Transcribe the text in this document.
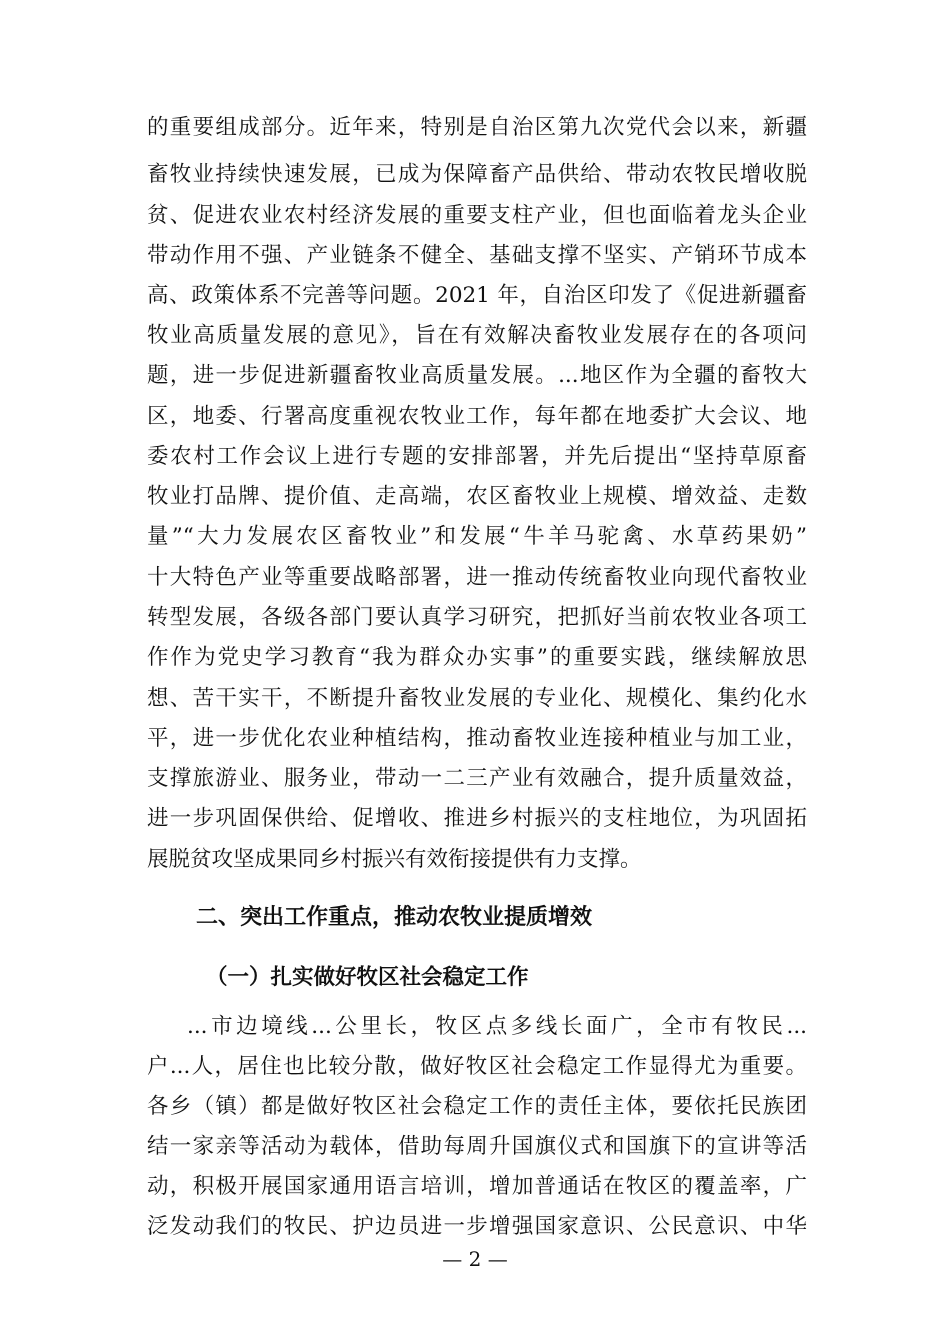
的重要组成部分。近年来，特别是自治区第九次党代会以来，新疆
畜牧业持续快速发展，已成为保障畜产品供给、带动农牧民增收脱
贫、促进农业农村经济发展的重要支柱产业，但也面临着龙头企业
带动作用不强、产业链条不健全、基础支撑不坚实、产销环节成本
高、政策体系不完善等问题。2021 年，自治区印发了《促进新疆畜
牧业高质量发展的意见》，旨在有效解决畜牧业发展存在的各项问
题，进一步促进新疆畜牧业高质量发展。...地区作为全疆的畜牧大
区，地委、行署高度重视农牧业工作，每年都在地委扩大会议、地
委农村工作会议上进行专题的安排部署，并先后提出“坚持草原畜
牧业打品牌、提价值、走高端，农区畜牧业上规模、增效益、走数
量”“大力发展农区畜牧业”和发展“牛羊马驼禽、水草药果奶”
十大特色产业等重要战略部署，进一推动传统畜牧业向现代畜牧业
转型发展，各级各部门要认真学习研究，把抓好当前农牧业各项工
作作为党史学习教育“我为群众办实事”的重要实践，继续解放思
想、苦干实干，不断提升畜牧业发展的专业化、规模化、集约化水
平，进一步优化农业种植结构，推动畜牧业连接种植业与加工业，
支撑旅游业、服务业，带动一二三产业有效融合，提升质量效益，
进一步巩固保供给、促增收、推进乡村振兴的支柱地位，为巩固拓
展脱贫攻坚成果同乡村振兴有效衔接提供有力支撑。
二、突出工作重点，推动农牧业提质增效
（一）扎实做好牧区社会稳定工作
...市边境线...公里长，牧区点多线长面广，全市有牧民...
户...人，居住也比较分散，做好牧区社会稳定工作显得尤为重要。
各乡（镇）都是做好牧区社会稳定工作的责任主体，要依托民族团
结一家亲等活动为载体，借助每周升国旗仪式和国旗下的宣讲等活
动，积极开展国家通用语言培训，增加普通话在牧区的覆盖率，广
泛发动我们的牧民、护边员进一步增强国家意识、公民意识、中华
— 2 —
